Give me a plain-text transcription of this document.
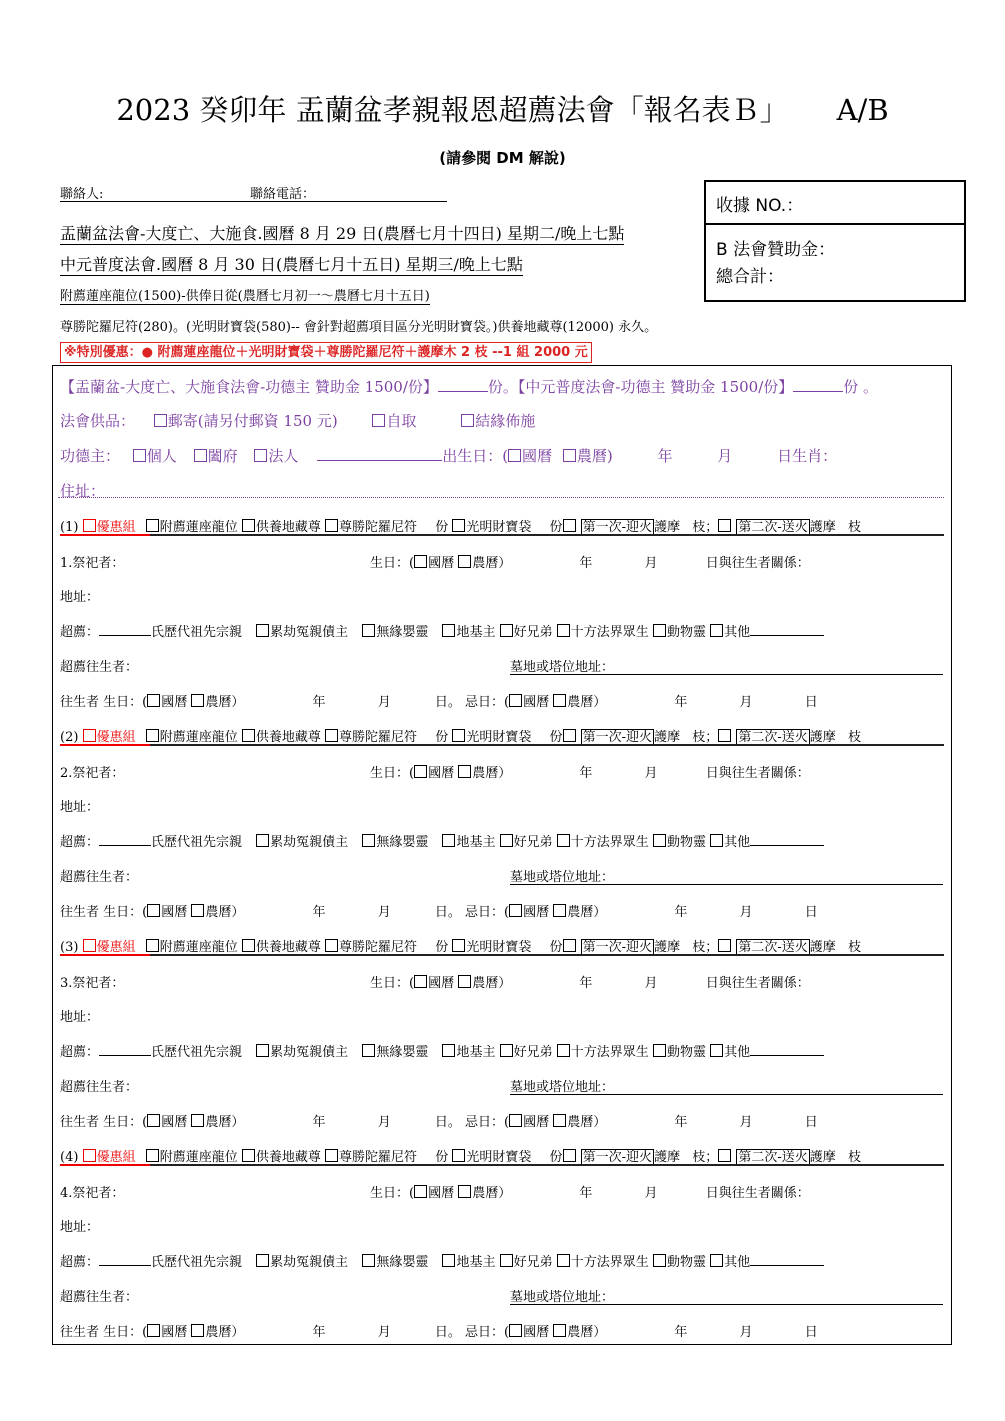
2023 癸卯年 盂蘭盆孝親報恩超薦法會「報名表Ｂ」 A/B
(請參閱 DM 解說)
聯絡人:	聯絡電話：
收據 NO.：
B 法會贊助金：
總合計：
盂蘭盆法會-大度亡、大施食.國曆 8 月 29 日(農曆七月十四日) 星期二/晚上七點
中元普度法會.國曆 8 月 30 日(農曆七月十五日) 星期三/晚上七點
附薦蓮座龍位(1500)-供俸日從(農曆七月初一～農曆七月十五日)
尊勝陀羅尼符(280)。(光明財寶袋(580)-- 會針對超薦項目區分光明財寶袋。)供養地藏尊(12000) 永久。
※特別優惠：● 附薦蓮座龍位＋光明財寶袋＋尊勝陀羅尼符＋護摩木 2 枝 --1 組 2000 元
【盂蘭盆-大度亡、大施食法會-功德主 贊助金 1500/份】	份。【中元普度法會-功德主 贊助金 1500/份】	份 。
法會供品： 郵寄(請另付郵資 150 元)	自取	結緣佈施
功德主： 個人 闔府 法人	出生日：( 國曆 農曆)	年	月	日生肖：
住址：
(1) 優惠組 附薦蓮座龍位 供養地藏尊 尊勝陀羅尼符 份 光明財寶袋 份 第一次-迎火 護摩 枝； 第二次-送火 護摩 枝
1.祭祀者：	生日：( 國曆 農曆）	年	月	日與往生者關係：
地址：
超薦：	氏歷代祖先宗親 累劫冤親債主 無緣嬰靈 地基主 好兄弟 十方法界眾生 動物靈 其他
超薦往生者：	墓地或塔位地址：
往生者 生日：( 國曆 農曆）	年	月	日。 忌日：( 國曆 農曆）	年	月	日
(2) 優惠組 附薦蓮座龍位 供養地藏尊 尊勝陀羅尼符 份 光明財寶袋 份 第一次-迎火 護摩 枝； 第二次-送火 護摩 枝
2.祭祀者：	生日：( 國曆 農曆）	年	月	日與往生者關係：
地址：
超薦：	氏歷代祖先宗親 累劫冤親債主 無緣嬰靈 地基主 好兄弟 十方法界眾生 動物靈 其他
超薦往生者：	墓地或塔位地址：
往生者 生日：( 國曆 農曆）	年	月	日。 忌日：( 國曆 農曆）	年	月	日
(3) 優惠組 附薦蓮座龍位 供養地藏尊 尊勝陀羅尼符 份 光明財寶袋 份 第一次-迎火 護摩 枝； 第二次-送火 護摩 枝
3.祭祀者：	生日：( 國曆 農曆）	年	月	日與往生者關係：
地址：
超薦：	氏歷代祖先宗親 累劫冤親債主 無緣嬰靈 地基主 好兄弟 十方法界眾生 動物靈 其他
超薦往生者：	墓地或塔位地址：
往生者 生日：( 國曆 農曆）	年	月	日。 忌日：( 國曆 農曆）	年	月	日
(4) 優惠組 附薦蓮座龍位 供養地藏尊 尊勝陀羅尼符 份 光明財寶袋 份 第一次-迎火 護摩 枝； 第二次-送火 護摩 枝
4.祭祀者：	生日：( 國曆 農曆）	年	月	日與往生者關係：
地址：
超薦：	氏歷代祖先宗親 累劫冤親債主 無緣嬰靈 地基主 好兄弟 十方法界眾生 動物靈 其他
超薦往生者：	墓地或塔位地址：
往生者 生日：( 國曆 農曆）	年	月	日。 忌日：( 國曆 農曆）	年	月	日
